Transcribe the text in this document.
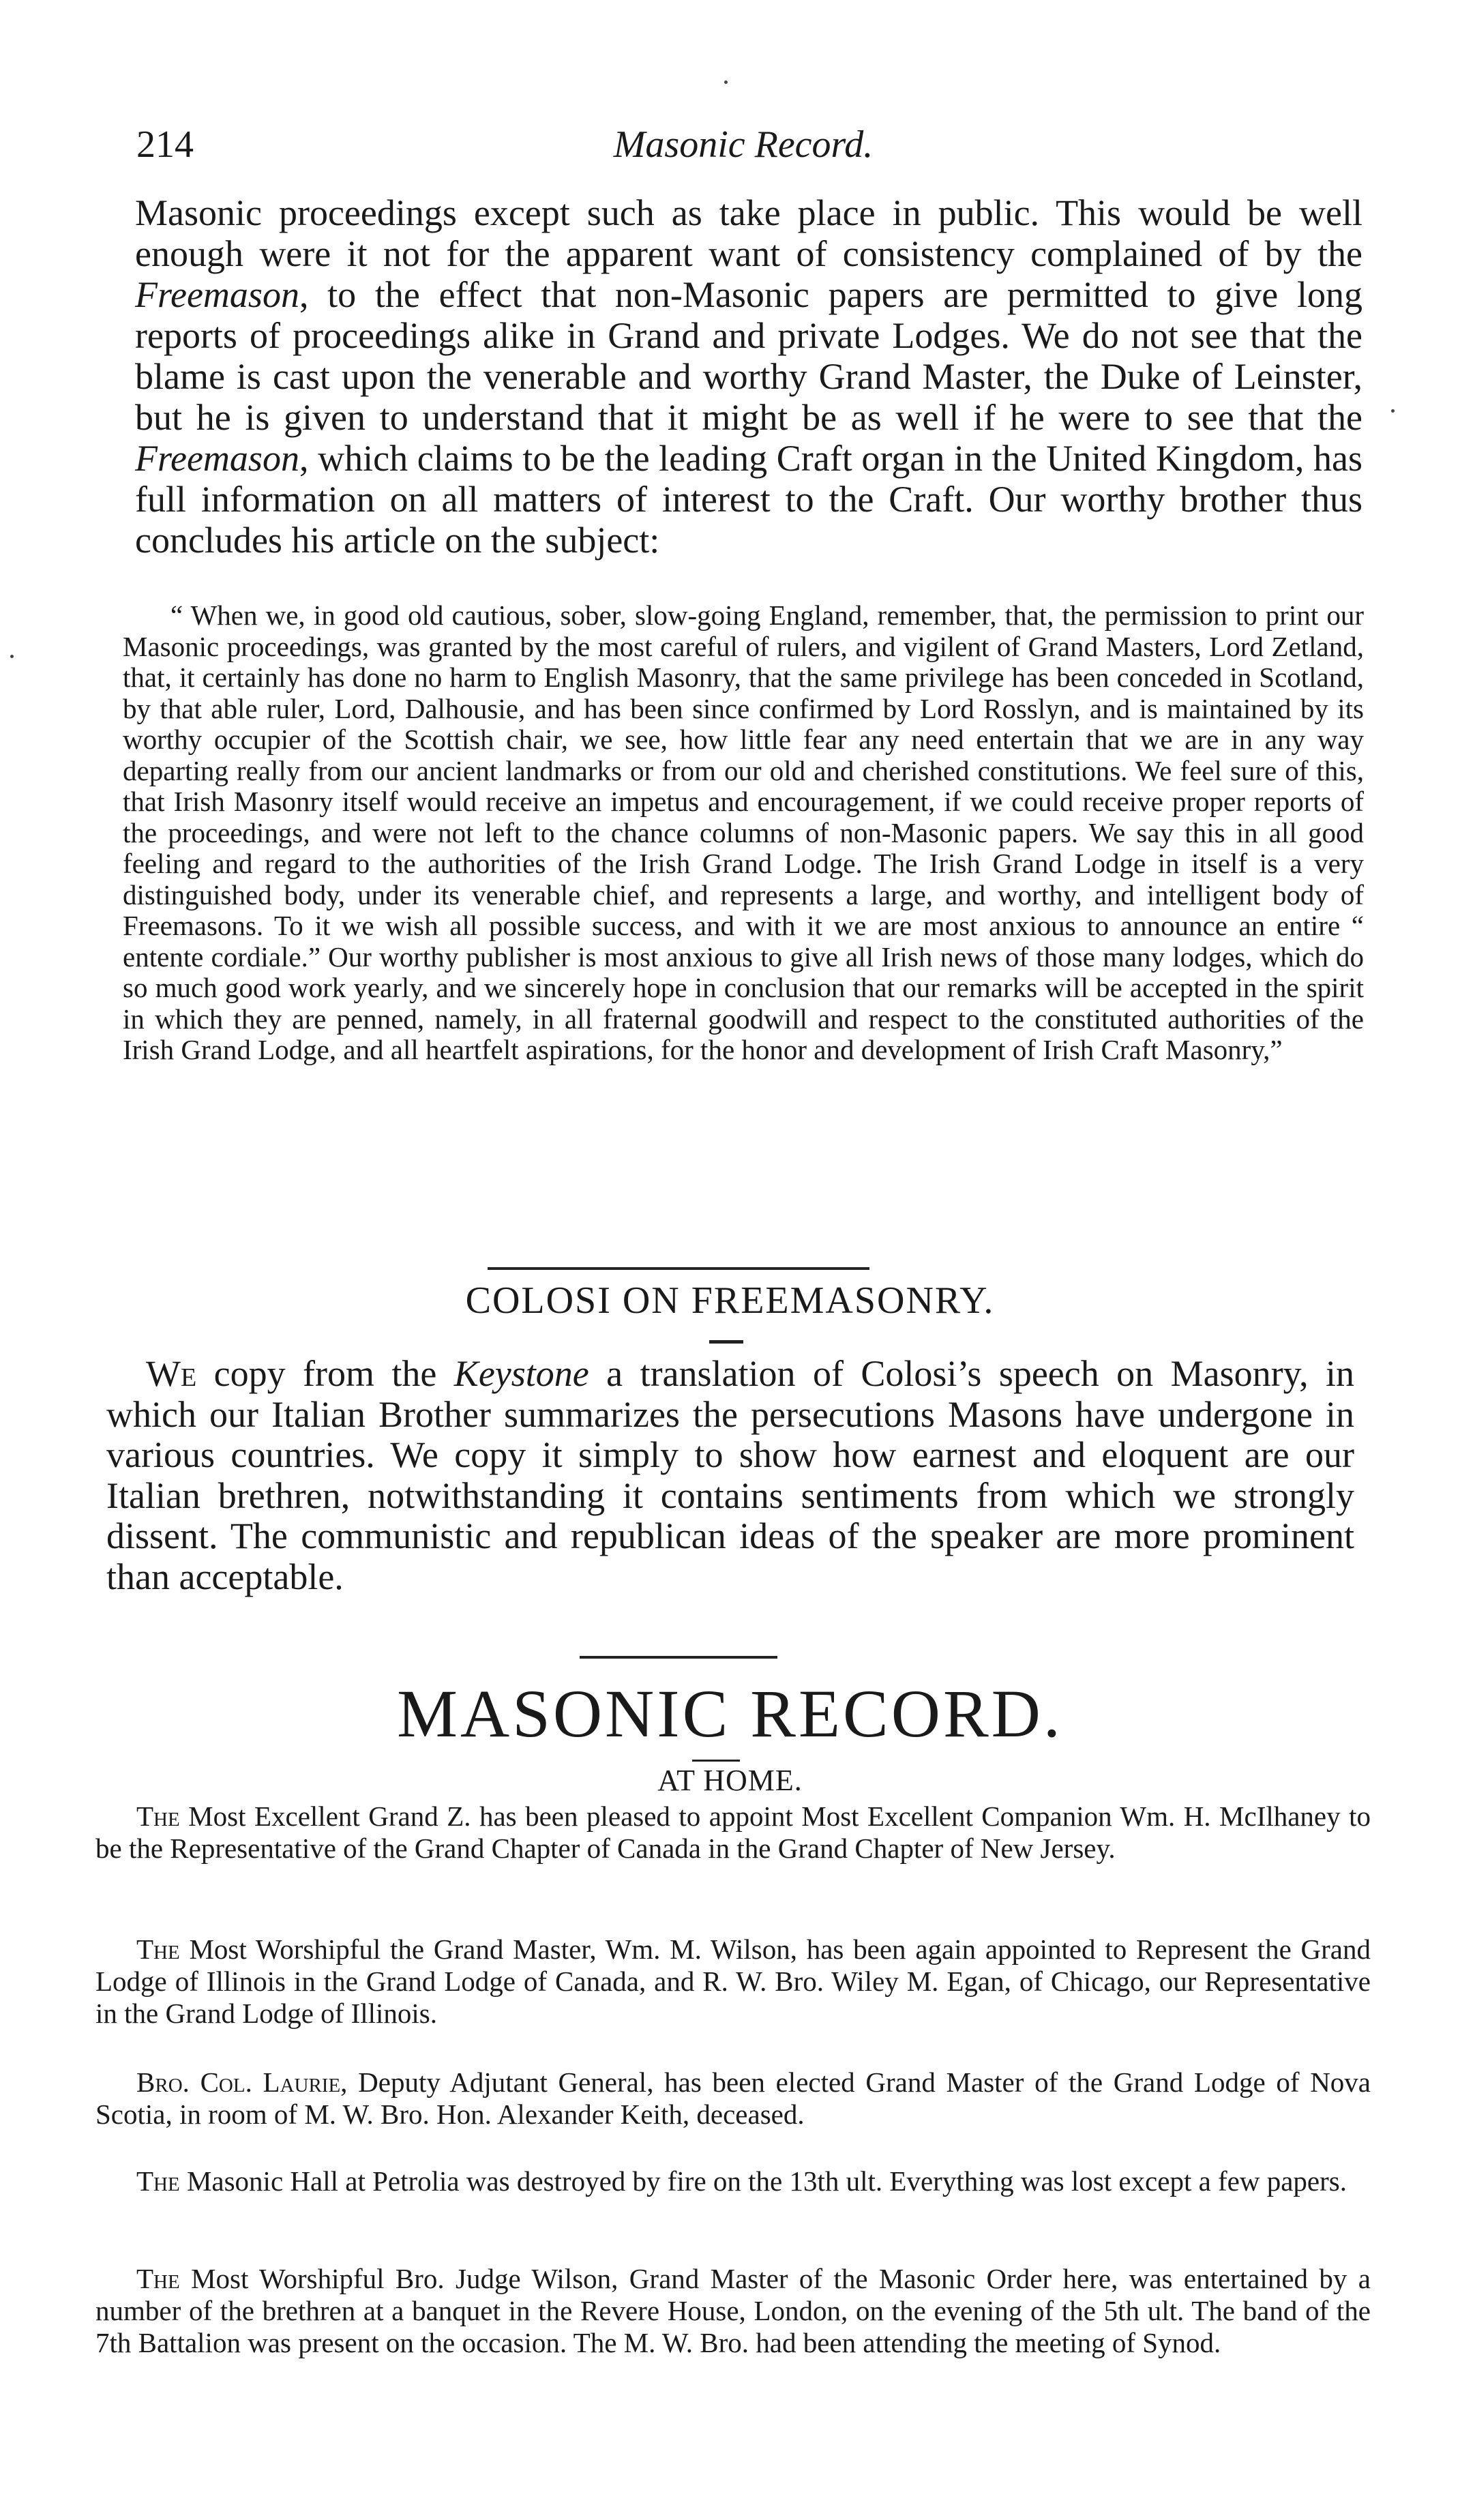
214	Masonic Record.

Masonic proceedings except such as take place in public. This would be well enough were it not for the apparent want of consistency complained of by the Freemason, to the effect that non-Masonic papers are permitted to give long reports of proceedings alike in Grand and private Lodges. We do not see that the blame is cast upon the venerable and worthy Grand Master, the Duke of Leinster, but he is given to understand that it might be as well if he were to see that the Freemason, which claims to be the leading Craft organ in the United Kingdom, has full information on all matters of interest to the Craft. Our worthy brother thus concludes his article on the subject:

“ When we, in good old cautious, sober, slow-going England, remember, that, the permission to print our Masonic proceedings, was granted by the most careful of rulers, and vigilent of Grand Masters, Lord Zetland, that, it certainly has done no harm to English Masonry, that the same privilege has been conceded in Scotland, by that able ruler, Lord, Dalhousie, and has been since confirmed by Lord Rosslyn, and is maintained by its worthy occupier of the Scottish chair, we see, how little fear any need entertain that we are in any way departing really from our ancient landmarks or from our old and cherished constitutions. We feel sure of this, that Irish Masonry itself would receive an impetus and encouragement, if we could receive proper reports of the proceedings, and were not left to the chance columns of non-Masonic papers. We say this in all good feeling and regard to the authorities of the Irish Grand Lodge. The Irish Grand Lodge in itself is a very distinguished body, under its venerable chief, and represents a large, and worthy, and intelligent body of Freemasons. To it we wish all possible success, and with it we are most anxious to announce an entire “ entente cordiale.” Our worthy publisher is most anxious to give all Irish news of those many lodges, which do so much good work yearly, and we sincerely hope in conclusion that our remarks will be accepted in the spirit in which they are penned, namely, in all fraternal goodwill and respect to the constituted authorities of the Irish Grand Lodge, and all heartfelt aspirations, for the honor and development of Irish Craft Masonry,”

COLOSI ON FREEMASONRY.

We copy from the Keystone a translation of Colosi’s speech on Masonry, in which our Italian Brother summarizes the persecutions Masons have undergone in various countries. We copy it simply to show how earnest and eloquent are our Italian brethren, notwithstanding it contains sentiments from which we strongly dissent. The communistic and republican ideas of the speaker are more prominent than acceptable.

MASONIC RECORD.
AT HOME.

The Most Excellent Grand Z. has been pleased to appoint Most Excellent Companion Wm. H. McIlhaney to be the Representative of the Grand Chapter of Canada in the Grand Chapter of New Jersey.

The Most Worshipful the Grand Master, Wm. M. Wilson, has been again appointed to Represent the Grand Lodge of Illinois in the Grand Lodge of Canada, and R. W. Bro. Wiley M. Egan, of Chicago, our Representative in the Grand Lodge of Illinois.

Bro. Col. Laurie, Deputy Adjutant General, has been elected Grand Master of the Grand Lodge of Nova Scotia, in room of M. W. Bro. Hon. Alexander Keith, deceased.

The Masonic Hall at Petrolia was destroyed by fire on the 13th ult. Everything was lost except a few papers.

The Most Worshipful Bro. Judge Wilson, Grand Master of the Masonic Order here, was entertained by a number of the brethren at a banquet in the Revere House, London, on the evening of the 5th ult. The band of the 7th Battalion was present on the occasion. The M. W. Bro. had been attending the meeting of Synod.
